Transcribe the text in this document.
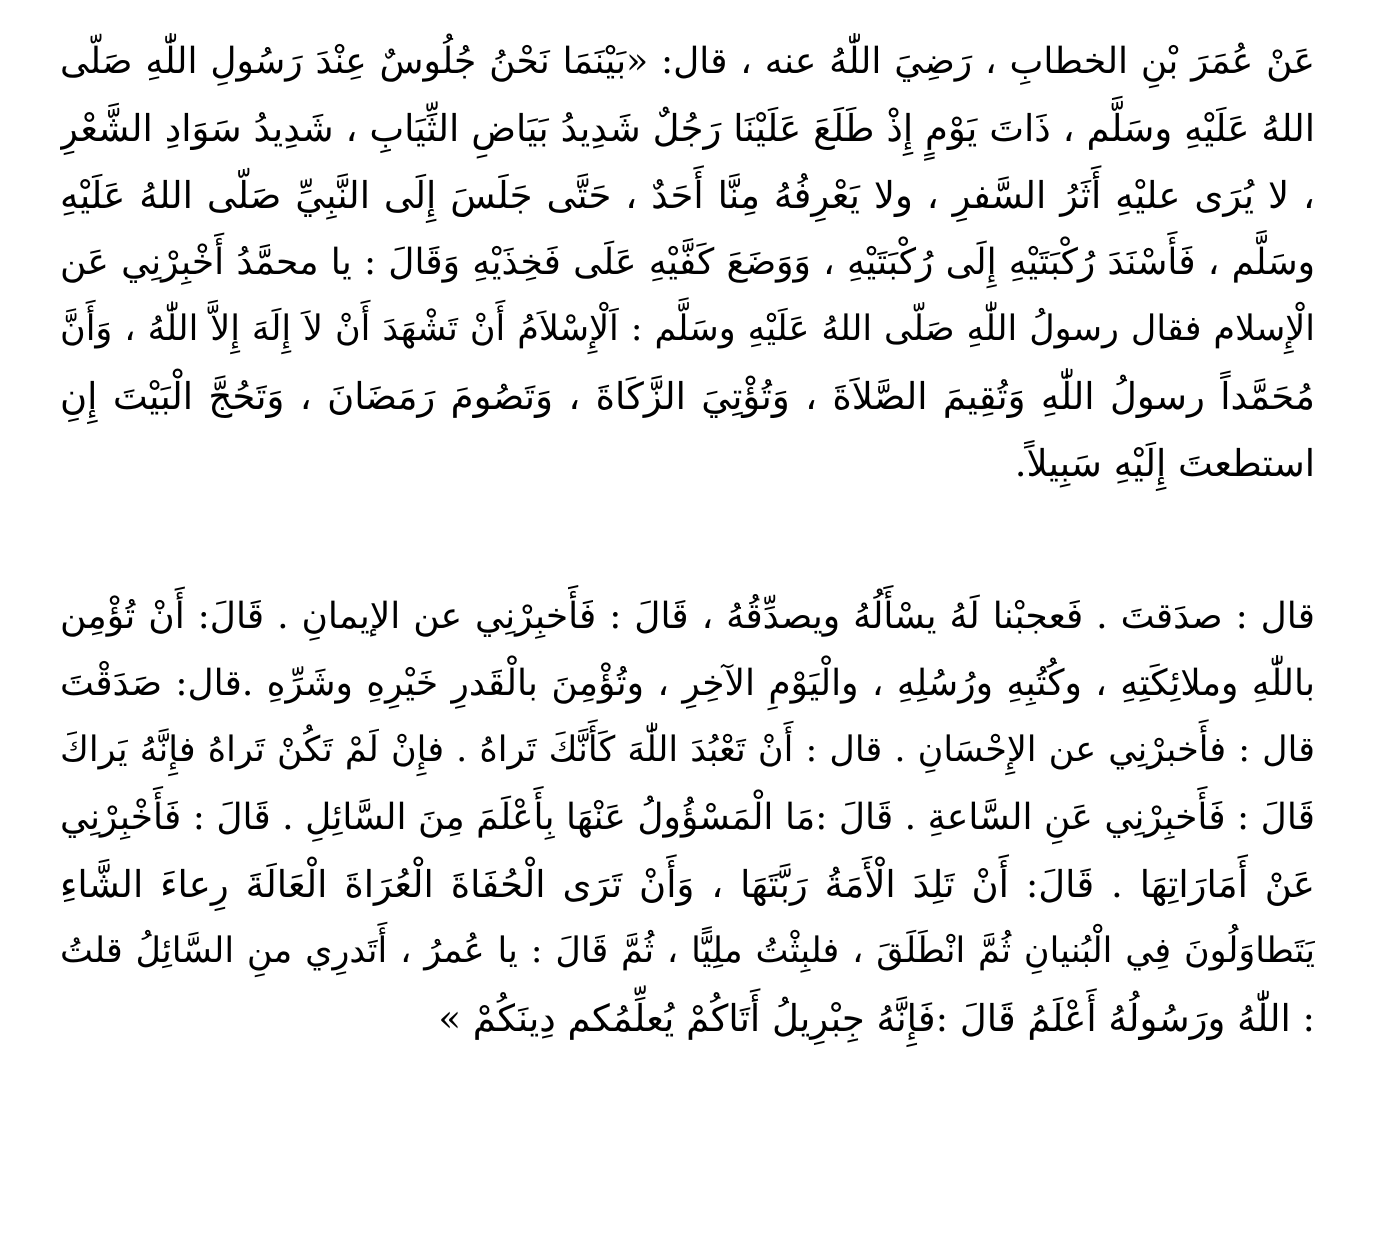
عَنْ عُمَرَ بْنِ الخطابِ ، رَضِيَ اللّٰهُ عنه ، قال: «بَيْنَمَا نَحْنُ جُلُوسٌ عِنْدَ رَسُولِ اللّٰهِ صَلّى
اللهُ عَلَيْهِ وسَلَّم ، ذَاتَ يَوْمٍ إِذْ طَلَعَ عَلَيْنَا رَجُلٌ شَدِيدُ بَيَاضِ الثِّيَابِ ، شَدِيدُ سَوَادِ الشَّعْرِ
، لا يُرَى عليْهِ أَثَرُ السَّفرِ ، ولا يَعْرِفُهُ مِنَّا أَحَدٌ ، حَتَّى جَلَسَ إِلَى النَّبِيِّ صَلّى اللهُ عَلَيْهِ
وسَلَّم ، فَأَسْنَدَ رُكْبَتَيْهِ إِلَى رُكْبَتَيْهِ ، وَوَضَعَ كَفَّيْهِ عَلَى فَخِذَيْهِ وَقَالَ : يا محمَّدُ أَخْبِرْنِي عَن
الْإِسلام فقال رسولُ اللّٰهِ صَلّى اللهُ عَلَيْهِ وسَلَّم : اَلْإِسْلاَمُ أَنْ تَشْهَدَ أَنْ لاَ إِلَهَ إِلاَّ اللّٰهُ ، وَأَنَّ
مُحَمَّداً رسولُ اللّٰهِ وَتُقِيمَ الصَّلاَةَ ، وَتُؤْتِيَ الزَّكَاةَ ، وَتَصُومَ رَمَضَانَ ، وَتَحُجَّ الْبَيْتَ إِنِ
استطعتَ إِلَيْهِ سَبِيلاً.
قال : صدَقتَ . فَعجبْنا لَهُ يسْأَلُهُ ويصدِّقُهُ ، قَالَ : فَأَخبِرْنِي عن الإيمانِ . قَالَ: أَنْ تُؤْمِن
باللّٰهِ وملائِكَتِهِ ، وكُتُبِهِ ورُسُلِهِ ، والْيَوْمِ الآخِرِ ، وتُؤْمِنَ بالْقَدرِ خَيْرِهِ وشَرِّهِ .قال: صَدَقْتَ
قال : فأَخبرْنِي عن الإِحْسَانِ . قال : أَنْ تَعْبُدَ اللّٰهَ كَأَنَّكَ تَراهُ . فإِنْ لَمْ تَكُنْ تَراهُ فإِنَّهُ يَراكَ
قَالَ : فَأَخبِرْنِي عَنِ السَّاعةِ . قَالَ :مَا الْمَسْؤُولُ عَنْهَا بِأَعْلَمَ مِنَ السَّائِلِ . قَالَ : فَأَخْبِرْنِي
عَنْ أَمَارَاتِهَا . قَالَ: أَنْ تَلِدَ الْأَمَةُ رَبَّتَهَا ، وَأَنْ تَرَى الْحُفَاةَ الْعُرَاةَ الْعَالَةَ رِعاءَ الشَّاءِ
يَتَطاوَلُونَ فِي الْبُنيانِ ثُمَّ انْطَلَقَ ، فلبِثْتُ ملِيًّا ، ثُمَّ قَالَ : يا عُمرُ ، أَتَدرِي منِ السَّائِلُ قلتُ
: اللّٰهُ ورَسُولُهُ أَعْلَمُ قَالَ :فَإِنَّهُ جِبْرِيلُ أَتَاكُمْ يُعلِّمُكم دِينَكُمْ »
